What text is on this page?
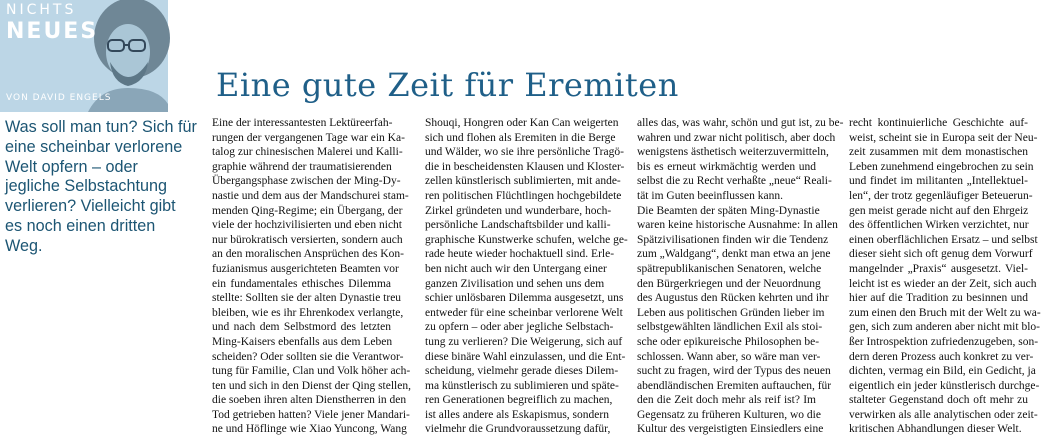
NICHTS
NEUES
VON DAVID ENGELS
Was soll man tun? Sich für eine scheinbar verlorene Welt opfern – oder jegliche Selbstachtung verlieren? Vielleicht gibt es noch einen dritten Weg.
Eine gute Zeit für Eremiten
Eine der interessantesten Lektüreerfah-
rungen der vergangenen Tage war ein Ka-
talog zur chinesischen Malerei und Kalli-
graphie während der traumatisierenden
Übergangsphase zwischen der Ming-Dy-
nastie und dem aus der Mandschurei stam-
menden Qing-Regime; ein Übergang, der
viele der hochzivilisierten und eben nicht
nur bürokratisch versierten, sondern auch
an den moralischen Ansprüchen des Kon-
fuzianismus ausgerichteten Beamten vor
ein fundamentales ethisches Dilemma
stellte: Sollten sie der alten Dynastie treu
bleiben, wie es ihr Ehrenkodex verlangte,
und nach dem Selbstmord des letzten
Ming-Kaisers ebenfalls aus dem Leben
scheiden? Oder sollten sie die Verantwor-
tung für Familie, Clan und Volk höher ach-
ten und sich in den Dienst der Qing stellen,
die soeben ihren alten Dienstherren in den
Tod getrieben hatten? Viele jener Mandari-
ne und Höflinge wie Xiao Yuncong, Wang
Shouqi, Hongren oder Kan Can weigerten
sich und flohen als Eremiten in die Berge
und Wälder, wo sie ihre persönliche Tragö-
die in bescheidensten Klausen und Kloster-
zellen künstlerisch sublimierten, mit ande-
ren politischen Flüchtlingen hochgebildete
Zirkel gründeten und wunderbare, hoch-
persönliche Landschaftsbilder und kalli-
graphische Kunstwerke schufen, welche ge-
rade heute wieder hochaktuell sind. Erle-
ben nicht auch wir den Untergang einer
ganzen Zivilisation und sehen uns dem
schier unlösbaren Dilemma ausgesetzt, uns
entweder für eine scheinbar verlorene Welt
zu opfern – oder aber jegliche Selbstach-
tung zu verlieren? Die Weigerung, sich auf
diese binäre Wahl einzulassen, und die Ent-
scheidung, vielmehr gerade dieses Dilem-
ma künstlerisch zu sublimieren und späte-
ren Generationen begreiflich zu machen,
ist alles andere als Eskapismus, sondern
vielmehr die Grundvoraussetzung dafür,
alles das, was wahr, schön und gut ist, zu be-
wahren und zwar nicht politisch, aber doch
wenigstens ästhetisch weiterzuvermitteln,
bis es erneut wirkmächtig werden und
selbst die zu Recht verhaßte „neue“ Reali-
tät im Guten beeinflussen kann.
Die Beamten der späten Ming-Dynastie
waren keine historische Ausnahme: In allen
Spätzivilisationen finden wir die Tendenz
zum „Waldgang“, denkt man etwa an jene
spätrepublikanischen Senatoren, welche
den Bürgerkriegen und der Neuordnung
des Augustus den Rücken kehrten und ihr
Leben aus politischen Gründen lieber im
selbstgewählten ländlichen Exil als stoi-
sche oder epikureische Philosophen be-
schlossen. Wann aber, so wäre man ver-
sucht zu fragen, wird der Typus des neuen
abendländischen Eremiten auftauchen, für
den die Zeit doch mehr als reif ist? Im
Gegensatz zu früheren Kulturen, wo die
Kultur des vergeistigten Einsiedlers eine
recht kontinuierliche Geschichte auf-
weist, scheint sie in Europa seit der Neu-
zeit zusammen mit dem monastischen
Leben zunehmend eingebrochen zu sein
und findet im militanten „Intellektuel-
len“, der trotz gegenläufiger Beteuerun-
gen meist gerade nicht auf den Ehrgeiz
des öffentlichen Wirken verzichtet, nur
einen oberflächlichen Ersatz – und selbst
dieser sieht sich oft genug dem Vorwurf
mangelnder „Praxis“ ausgesetzt. Viel-
leicht ist es wieder an der Zeit, sich auch
hier auf die Tradition zu besinnen und
zum einen den Bruch mit der Welt zu wa-
gen, sich zum anderen aber nicht mit blo-
ßer Introspektion zufriedenzugeben, son-
dern deren Prozess auch konkret zu ver-
dichten, vermag ein Bild, ein Gedicht, ja
eigentlich ein jeder künstlerisch durchge-
stalteter Gegenstand doch oft mehr zu
verwirken als alle analytischen oder zeit-
kritischen Abhandlungen dieser Welt.
